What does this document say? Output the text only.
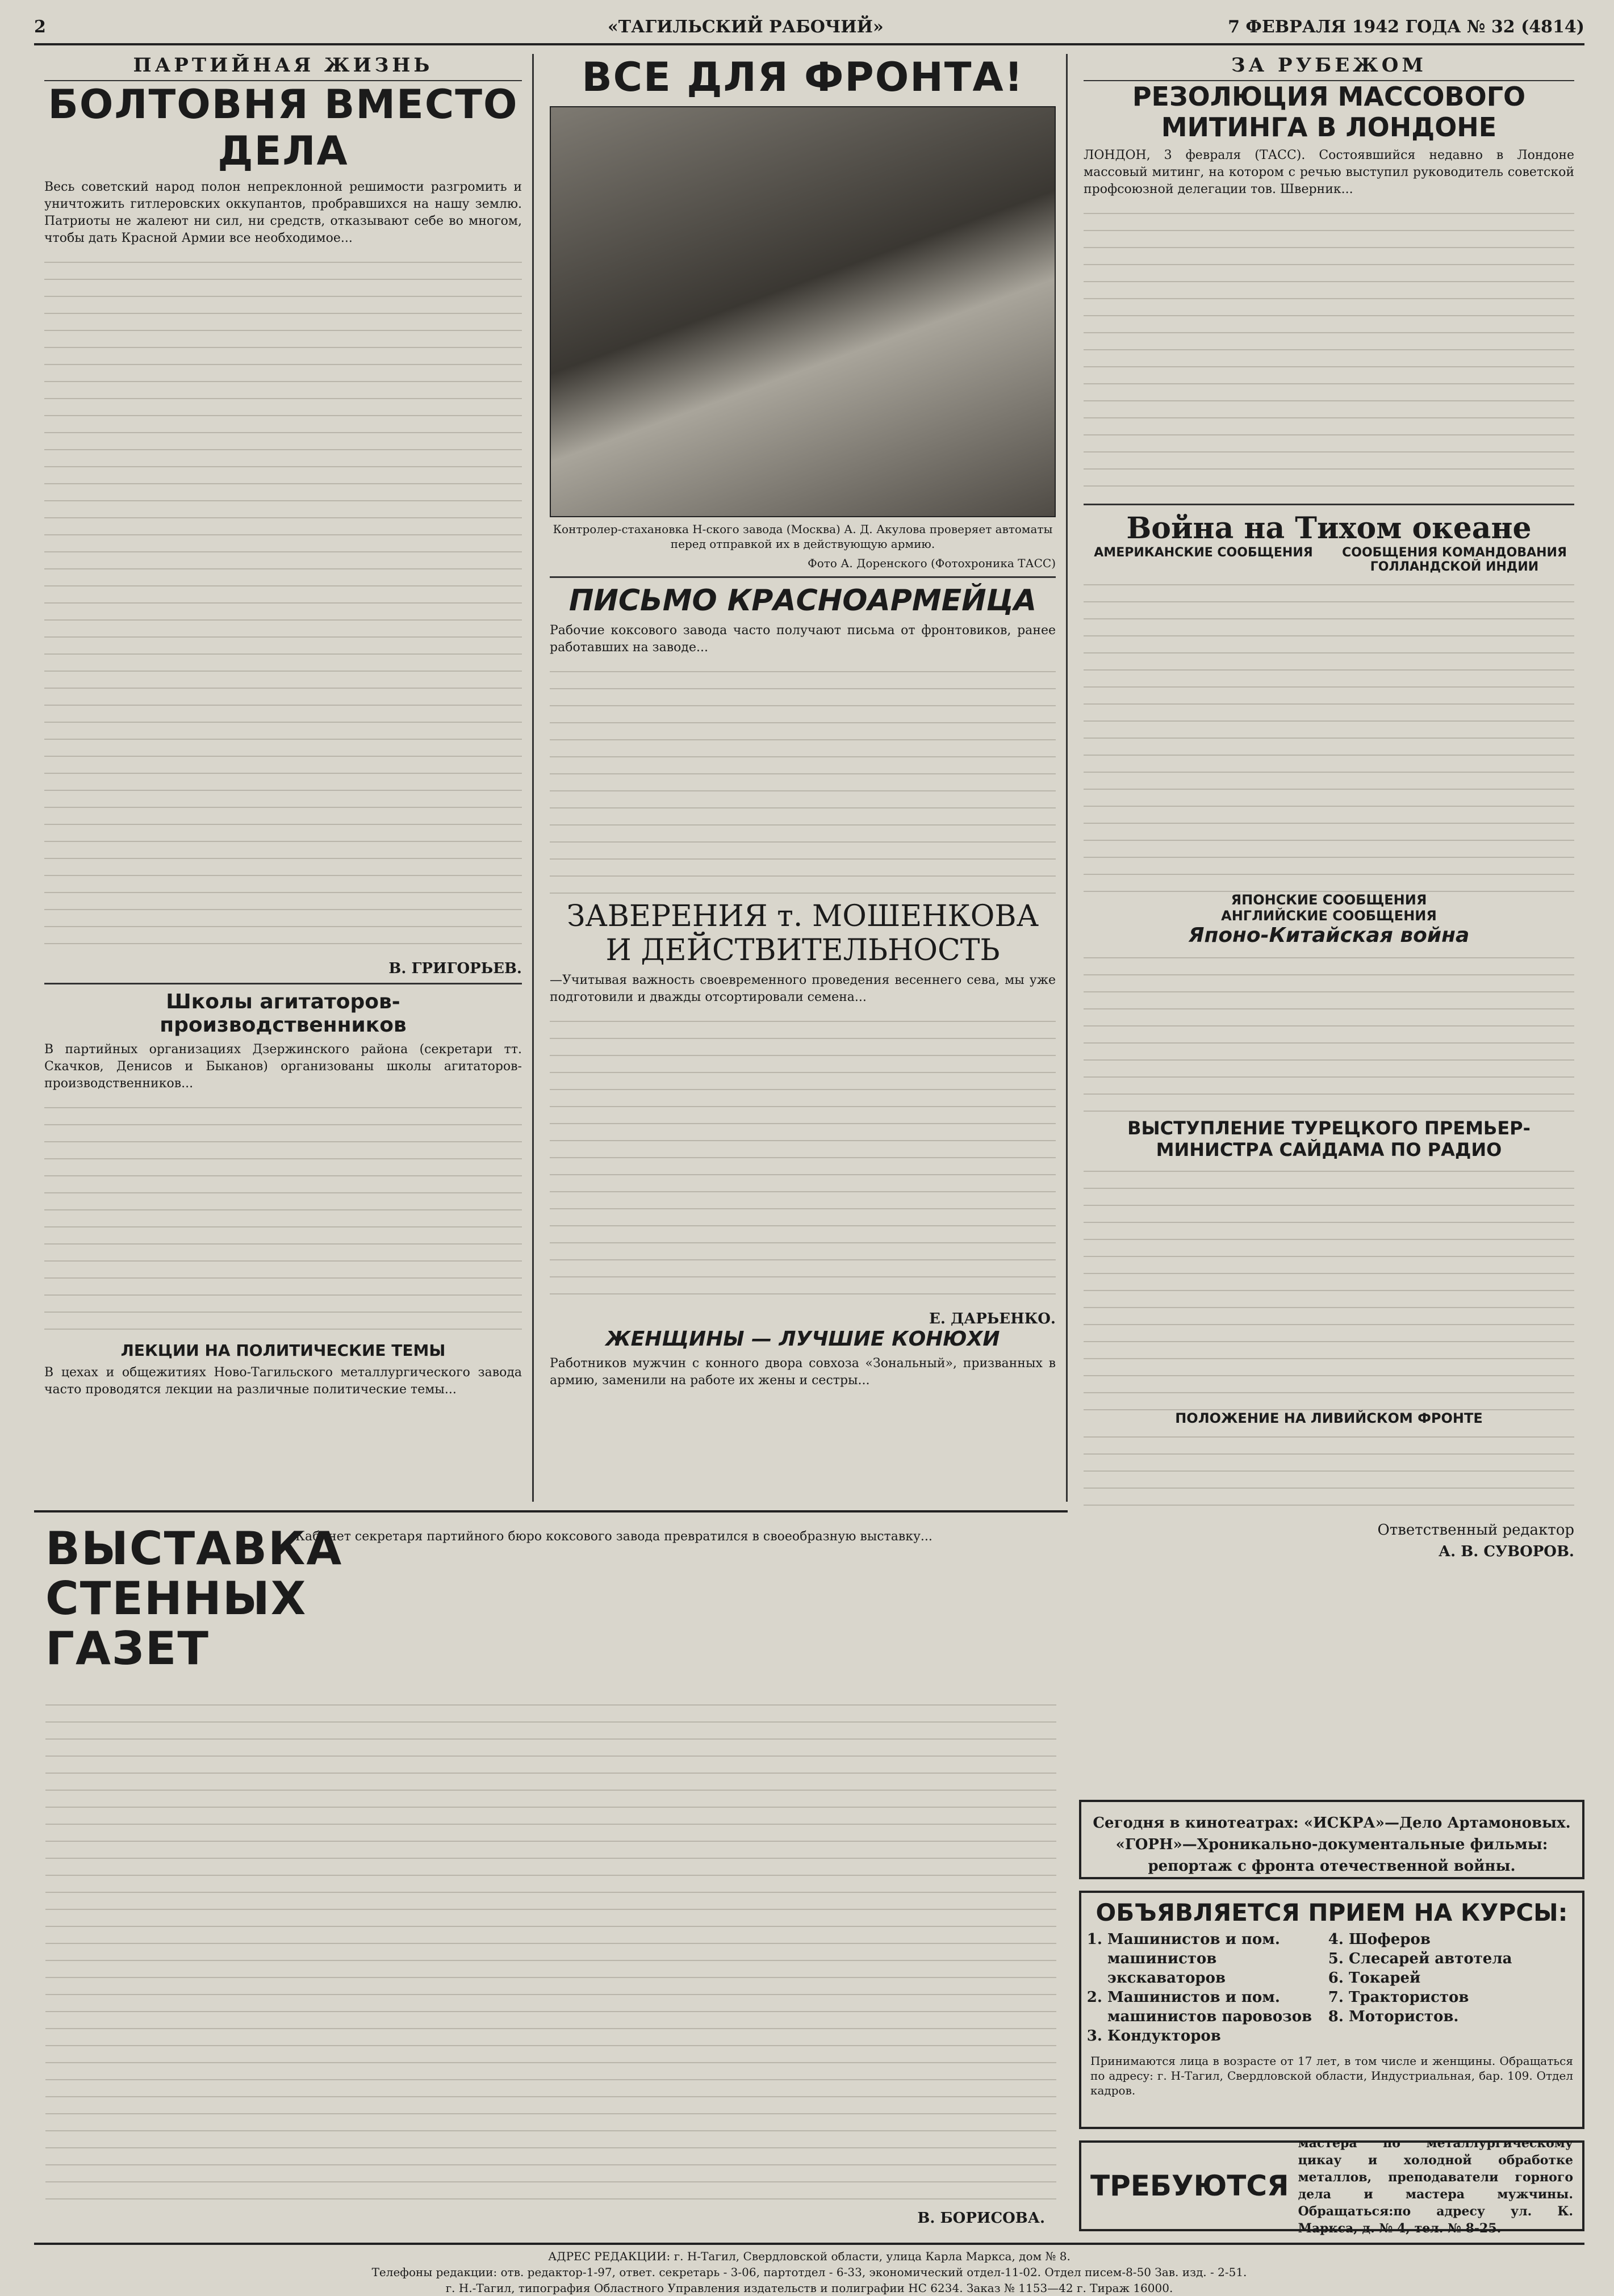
2	«ТАГИЛЬСКИЙ РАБОЧИЙ»	7 ФЕВРАЛЯ 1942 ГОДА № 32 (4814)
ПАРТИЙНАЯ ЖИЗНЬ
БОЛТОВНЯ ВМЕСТО ДЕЛА

Весь советский народ полон непреклонной решимости разгромить и уничтожить гитлеровских оккупантов, пробравшихся на нашу землю. Патриоты не жалеют ни сил, ни средств, отказывают себе во многом, чтобы дать Красной Армии все необходимое...

В. ГРИГОРЬЕВ.

Школы агитаторов-производственников

В партийных организациях Дзержинского района (секретари тт. Скачков, Денисов и Быканов) организованы школы агитаторов-производственников...

ЛЕКЦИИ НА ПОЛИТИЧЕСКИЕ ТЕМЫ

В цехах и общежитиях Ново-Тагильского металлургического завода часто проводятся лекции на различные политические темы...

ВСЕ ДЛЯ ФРОНТА!

Контролер-стахановка Н-ского завода (Москва) А. Д. Акулова проверяет автоматы перед отправкой их в действующую армию.

Фото А. Доренского (Фотохроника ТАСС)

ПИСЬМО КРАСНОАРМЕЙЦА

Рабочие коксового завода часто получают письма от фронтовиков, ранее работавших на заводе...

ЗАВЕРЕНИЯ т. МОШЕНКОВА И ДЕЙСТВИТЕЛЬНОСТЬ

—Учитывая важность своевременного проведения весеннего сева, мы уже подготовили и дважды отсортировали семена...

Е. ДАРЬЕНКО.

ЖЕНЩИНЫ — ЛУЧШИЕ КОНЮХИ

Работников мужчин с конного двора совхоза «Зональный», призванных в армию, заменили на работе их жены и сестры...

ЗА РУБЕЖОМ
РЕЗОЛЮЦИЯ МАССОВОГО МИТИНГА В ЛОНДОНЕ

ЛОНДОН, 3 февраля (ТАСС). Состоявшийся недавно в Лондоне массовый митинг, на котором с речью выступил руководитель советской профсоюзной делегации тов. Шверник...

Война на Тихом океане
АМЕРИКАНСКИЕ СООБЩЕНИЯ	СООБЩЕНИЯ КОМАНДОВАНИЯ ГОЛЛАНДСКОЙ ИНДИИ
ЯПОНСКИЕ СООБЩЕНИЯ
АНГЛИЙСКИЕ СООБЩЕНИЯ
Японо-Китайская война
ВЫСТУПЛЕНИЕ ТУРЕЦКОГО ПРЕМЬЕР-МИНИСТРА САЙДАМА ПО РАДИО
ПОЛОЖЕНИЕ НА ЛИВИЙСКОМ ФРОНТЕ

Ответственный редактор

А. В. СУВОРОВ.

ВЫСТАВКА СТЕННЫХ ГАЗЕТ

Кабинет секретаря партийного бюро коксового завода превратился в своеобразную выставку...

В. БОРИСОВА.

Сегодня в кинотеатрах: «ИСКРА»—Дело Артамоновых. «ГОРН»—Хроникально-документальные фильмы: репортаж с фронта отечественной войны.

ОБЪЯВЛЯЕТСЯ ПРИЕМ НА КУРСЫ:
1. Машинистов и пом. машинистов экскаваторов
2. Машинистов и пом. машинистов паровозов
3. Кондукторов
4. Шоферов
5. Слесарей автотела
6. Токарей
7. Трактористов
8. Мотористов.

Принимаются лица в возрасте от 17 лет, в том числе и женщины. Обращаться по адресу: г. Н-Тагил, Свердловской области, Индустриальная, бар. 109. Отдел кадров.

ТРЕБУЮТСЯ

мастера по металлургическому цикау и холодной обработке металлов, преподаватели горного дела и мастера мужчины. Обращаться:по адресу ул. К. Маркса, д. № 4, тел. № 8-25.

АДРЕС РЕДАКЦИИ: г. Н-Тагил, Свердловской области, улица Карла Маркса, дом № 8.
Телефоны редакции: отв. редактор-1-97, ответ. секретарь - 3-06, партотдел - 6-33, экономический отдел-11-02. Отдел писем-8-50 Зав. изд. - 2-51.
г. Н.-Тагил, типография Областного Управления издательств и полиграфии НС 6234. Заказ № 1153—42 г. Тираж 16000.
